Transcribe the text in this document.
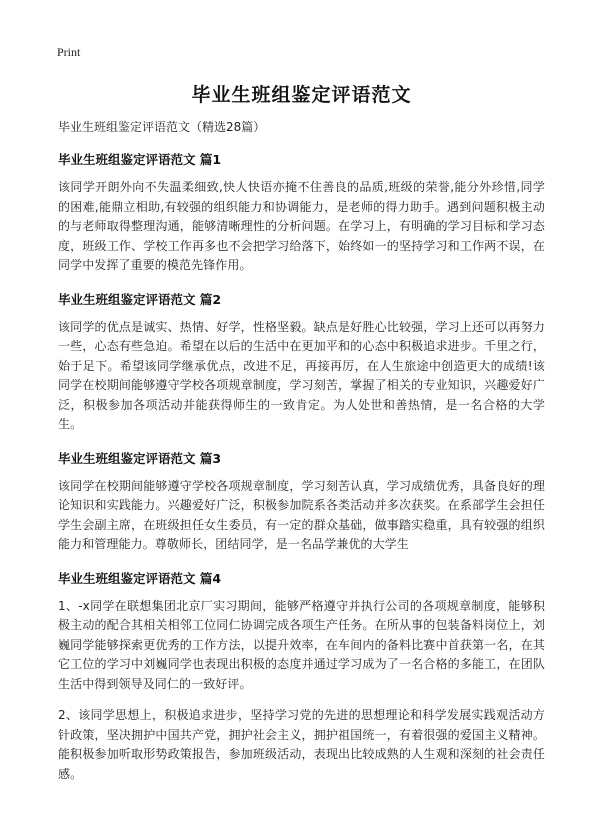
Print
毕业生班组鉴定评语范文
毕业生班组鉴定评语范文（精选28篇）
毕业生班组鉴定评语范文 篇1

该同学开朗外向不失温柔细致,快人快语亦掩不住善良的品质,班级的荣誉,能分外珍惜,同学的困难,能鼎立相助,有较强的组织能力和协调能力，是老师的得力助手。遇到问题积极主动的与老师取得整理沟通，能够清晰理性的分析问题。在学习上，有明确的学习目标和学习态度，班级工作、学校工作再多也不会把学习给落下，始终如一的坚持学习和工作两不误，在同学中发挥了重要的模范先锋作用。

毕业生班组鉴定评语范文 篇2

该同学的优点是诚实、热情、好学，性格坚毅。缺点是好胜心比较强，学习上还可以再努力一些，心态有些急迫。希望在以后的生活中在更加平和的心态中积极追求进步。千里之行，始于足下。希望该同学继承优点，改进不足，再接再厉，在人生旅途中创造更大的成绩!该同学在校期间能够遵守学校各项规章制度，学习刻苦，掌握了相关的专业知识，兴趣爱好广泛，积极参加各项活动并能获得师生的一致肯定。为人处世和善热情，是一名合格的大学生。

毕业生班组鉴定评语范文 篇3

该同学在校期间能够遵守学校各项规章制度，学习刻苦认真，学习成绩优秀，具备良好的理论知识和实践能力。兴趣爱好广泛，积极参加院系各类活动并多次获奖。在系部学生会担任学生会副主席，在班级担任女生委员，有一定的群众基础，做事踏实稳重，具有较强的组织能力和管理能力。尊敬师长，团结同学，是一名品学兼优的大学生

毕业生班组鉴定评语范文 篇4

1、-x同学在联想集团北京厂实习期间，能够严格遵守并执行公司的各项规章制度，能够积极主动的配合其相关相邻工位同仁协调完成各项生产任务。在所从事的包装备料岗位上，刘巍同学能够探索更优秀的工作方法，以提升效率，在车间内的备料比赛中首获第一名，在其它工位的学习中刘巍同学也表现出积极的态度并通过学习成为了一名合格的多能工，在团队生活中得到领导及同仁的一致好评。

2、该同学思想上，积极追求进步，坚持学习党的先进的思想理论和科学发展实践观活动方针政策，坚决拥护中国共产党，拥护社会主义，拥护祖国统一，有着很强的爱国主义精神。能积极参加听取形势政策报告，参加班级活动，表现出比较成熟的人生观和深刻的社会责任感。
